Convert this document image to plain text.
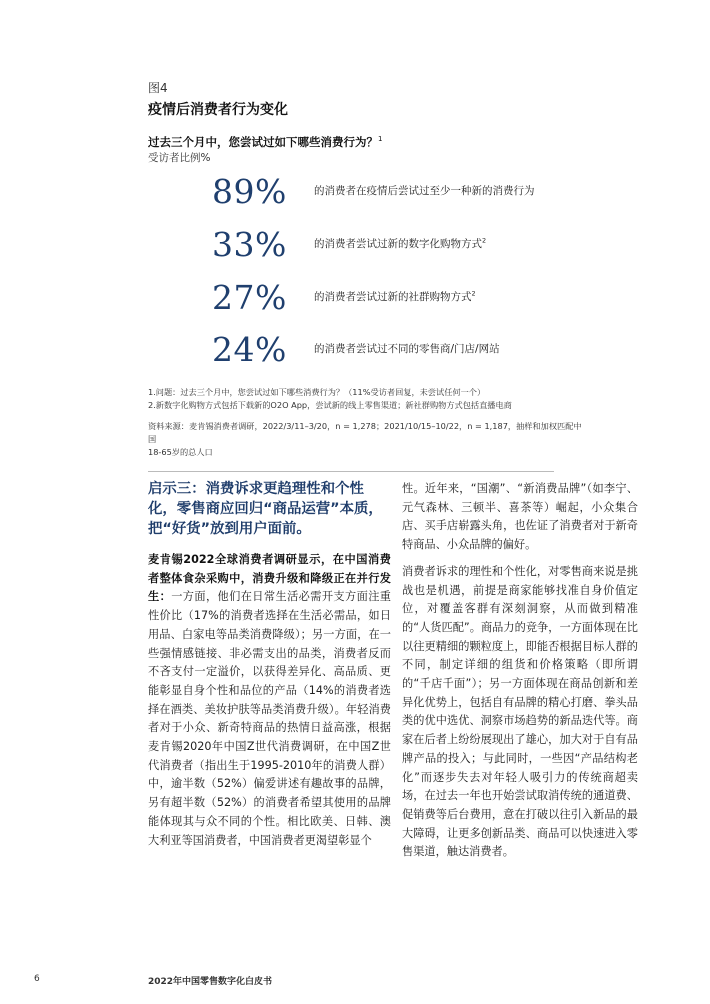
图4
疫情后消费者行为变化
过去三个月中，您尝试过如下哪些消费行为？$^1$
受访者比例%
89%	的消费者在疫情后尝试过至少一种新的消费行为
33%	的消费者尝试过新的数字化购物方式$^2$
27%	的消费者尝试过新的社群购物方式$^2$
24%	的消费者尝试过不同的零售商/门店/网站
1.问题：过去三个月中，您尝试过如下哪些消费行为？（11%受访者回复，未尝试任何一个）
2.新数字化购物方式包括下载新的O2O App，尝试新的线上零售渠道；新社群购物方式包括直播电商
资料来源：麦肯锡消费者调研，2022/3/11–3/20，n = 1,278；2021/10/15–10/22，n = 1,187，抽样和加权匹配中国
18-65岁的总人口
启示三：消费诉求更趋理性和个性化，零售商应回归“商品运营”本质，把“好货”放到用户面前。

麦肯锡2022全球消费者调研显示，在中国消费者整体食杂采购中，消费升级和降级正在并行发生：一方面，他们在日常生活必需开支方面注重性价比（17%的消费者选择在生活必需品，如日用品、白家电等品类消费降级）；另一方面，在一些强情感链接、非必需支出的品类，消费者反而不吝支付一定溢价，以获得差异化、高品质、更能彰显自身个性和品位的产品（14%的消费者选择在酒类、美妆护肤等品类消费升级）。年轻消费者对于小众、新奇特商品的热情日益高涨，根据麦肯锡2020年中国Z世代消费调研，在中国Z世代消费者（指出生于1995-2010年的消费人群）中，逾半数（52%）偏爱讲述有趣故事的品牌，另有超半数（52%）的消费者希望其使用的品牌能体现其与众不同的个性。相比欧美、日韩、澳大利亚等国消费者，中国消费者更渴望彰显个

性。近年来，“国潮”、“新消费品牌”（如李宁、元气森林、三顿半、喜茶等）崛起，小众集合店、买手店崭露头角，也佐证了消费者对于新奇特商品、小众品牌的偏好。

消费者诉求的理性和个性化，对零售商来说是挑战也是机遇，前提是商家能够找准自身价值定位，对覆盖客群有深刻洞察，从而做到精准的“人货匹配”。商品力的竞争，一方面体现在比以往更精细的颗粒度上，即能否根据目标人群的不同，制定详细的组货和价格策略（即所谓的“千店千面”）；另一方面体现在商品创新和差异化优势上，包括自有品牌的精心打磨、拳头品类的优中选优、洞察市场趋势的新品迭代等。商家在后者上纷纷展现出了雄心，加大对于自有品牌产品的投入；与此同时，一些因“产品结构老化”而逐步失去对年轻人吸引力的传统商超卖场，在过去一年也开始尝试取消传统的通道费、促销费等后台费用，意在打破以往引入新品的最大障碍，让更多创新品类、商品可以快速进入零售渠道，触达消费者。

6	2022年中国零售数字化白皮书
